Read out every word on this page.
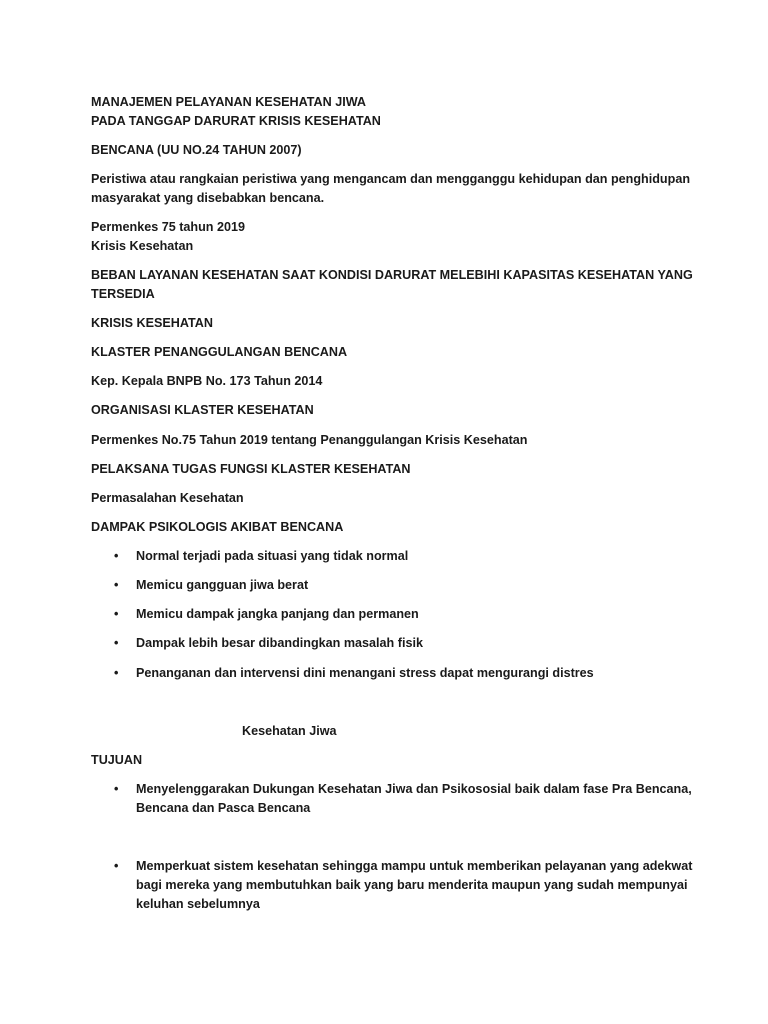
MANAJEMEN PELAYANAN KESEHATAN JIWA
PADA TANGGAP DARURAT KRISIS KESEHATAN
BENCANA (UU NO.24 TAHUN 2007)
Peristiwa atau rangkaian peristiwa yang mengancam dan mengganggu kehidupan dan penghidupan
masyarakat yang disebabkan bencana.
Permenkes 75 tahun 2019
Krisis Kesehatan
BEBAN LAYANAN KESEHATAN SAAT KONDISI DARURAT MELEBIHI KAPASITAS KESEHATAN YANG
TERSEDIA
KRISIS KESEHATAN
KLASTER PENANGGULANGAN BENCANA
Kep. Kepala BNPB No. 173 Tahun 2014
ORGANISASI KLASTER KESEHATAN
Permenkes No.75 Tahun 2019 tentang Penanggulangan Krisis Kesehatan
PELAKSANA TUGAS FUNGSI KLASTER KESEHATAN
Permasalahan Kesehatan
DAMPAK PSIKOLOGIS AKIBAT BENCANA
• Normal terjadi pada situasi yang tidak normal
• Memicu gangguan jiwa berat
• Memicu dampak jangka panjang dan permanen
• Dampak lebih besar dibandingkan masalah fisik
• Penanganan dan intervensi dini menangani stress dapat mengurangi distres
Kesehatan Jiwa
TUJUAN
• Menyelenggarakan Dukungan Kesehatan Jiwa dan Psikososial baik dalam fase Pra Bencana,
Bencana dan Pasca Bencana
• Memperkuat sistem kesehatan sehingga mampu untuk memberikan pelayanan yang adekwat
bagi mereka yang membutuhkan baik yang baru menderita maupun yang sudah mempunyai
keluhan sebelumnya
